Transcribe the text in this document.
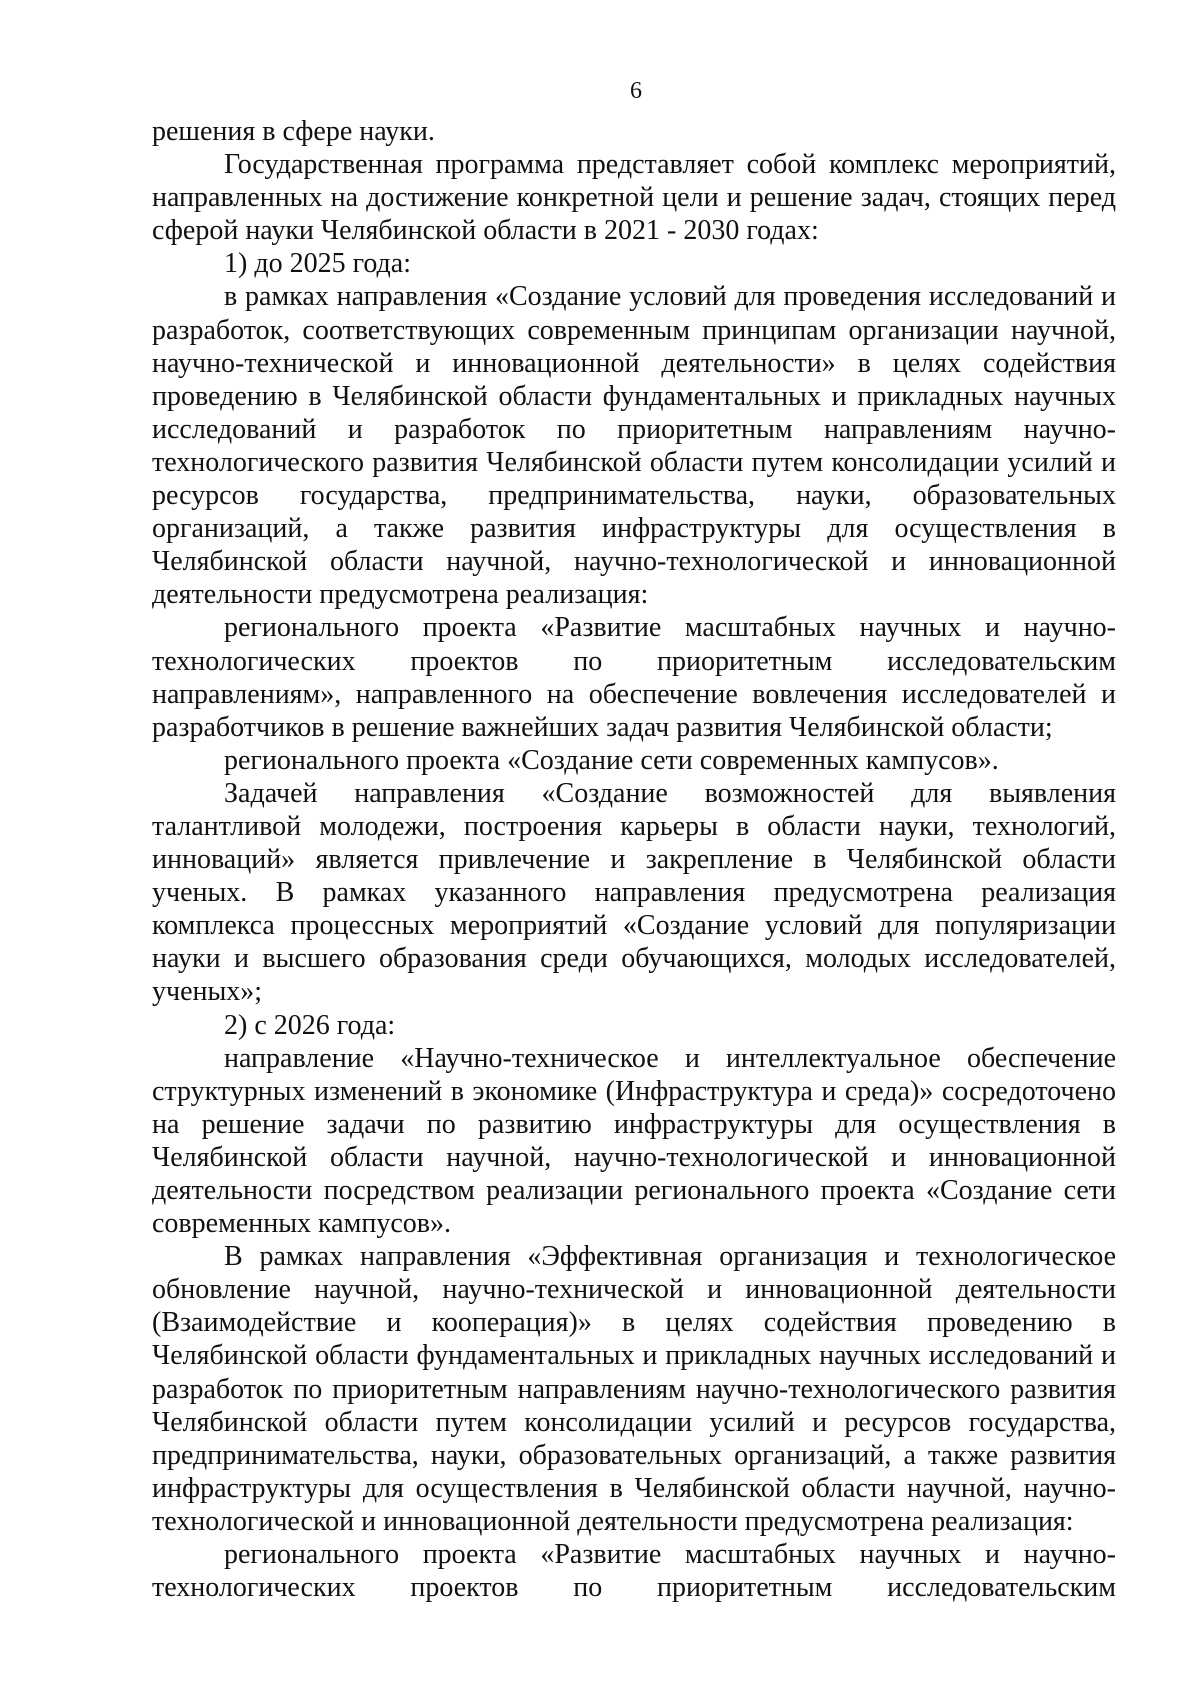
6

решения в сфере науки.

Государственная программа представляет собой комплекс мероприятий, направленных на достижение конкретной цели и решение задач, стоящих перед сферой науки Челябинской области в 2021 - 2030 годах:

1) до 2025 года:

в рамках направления «Создание условий для проведения исследований и разработок, соответствующих современным принципам организации научной, научно-технической и инновационной деятельности» в целях содействия проведению в Челябинской области фундаментальных и прикладных научных исследований и разработок по приоритетным направлениям научно-технологического развития Челябинской области путем консолидации усилий и ресурсов государства, предпринимательства, науки, образовательных организаций, а также развития инфраструктуры для осуществления в Челябинской области научной, научно-технологической и инновационной деятельности предусмотрена реализация:

регионального проекта «Развитие масштабных научных и научно-технологических проектов по приоритетным исследовательским направлениям», направленного на обеспечение вовлечения исследователей и разработчиков в решение важнейших задач развития Челябинской области;

регионального проекта «Создание сети современных кампусов».

Задачей направления «Создание возможностей для выявления талантливой молодежи, построения карьеры в области науки, технологий, инноваций» является привлечение и закрепление в Челябинской области ученых. В рамках указанного направления предусмотрена реализация комплекса процессных мероприятий «Создание условий для популяризации науки и высшего образования среди обучающихся, молодых исследователей, ученых»;

2) с 2026 года:

направление «Научно-техническое и интеллектуальное обеспечение структурных изменений в экономике (Инфраструктура и среда)» сосредоточено на решение задачи по развитию инфраструктуры для осуществления в Челябинской области научной, научно-технологической и инновационной деятельности посредством реализации регионального проекта «Создание сети современных кампусов».

В рамках направления «Эффективная организация и технологическое обновление научной, научно-технической и инновационной деятельности (Взаимодействие и кооперация)» в целях содействия проведению в Челябинской области фундаментальных и прикладных научных исследований и разработок по приоритетным направлениям научно-технологического развития Челябинской области путем консолидации усилий и ресурсов государства, предпринимательства, науки, образовательных организаций, а также развития инфраструктуры для осуществления в Челябинской области научной, научно-технологической и инновационной деятельности предусмотрена реализация:

регионального проекта «Развитие масштабных научных и научно-технологических проектов по приоритетным исследовательским
